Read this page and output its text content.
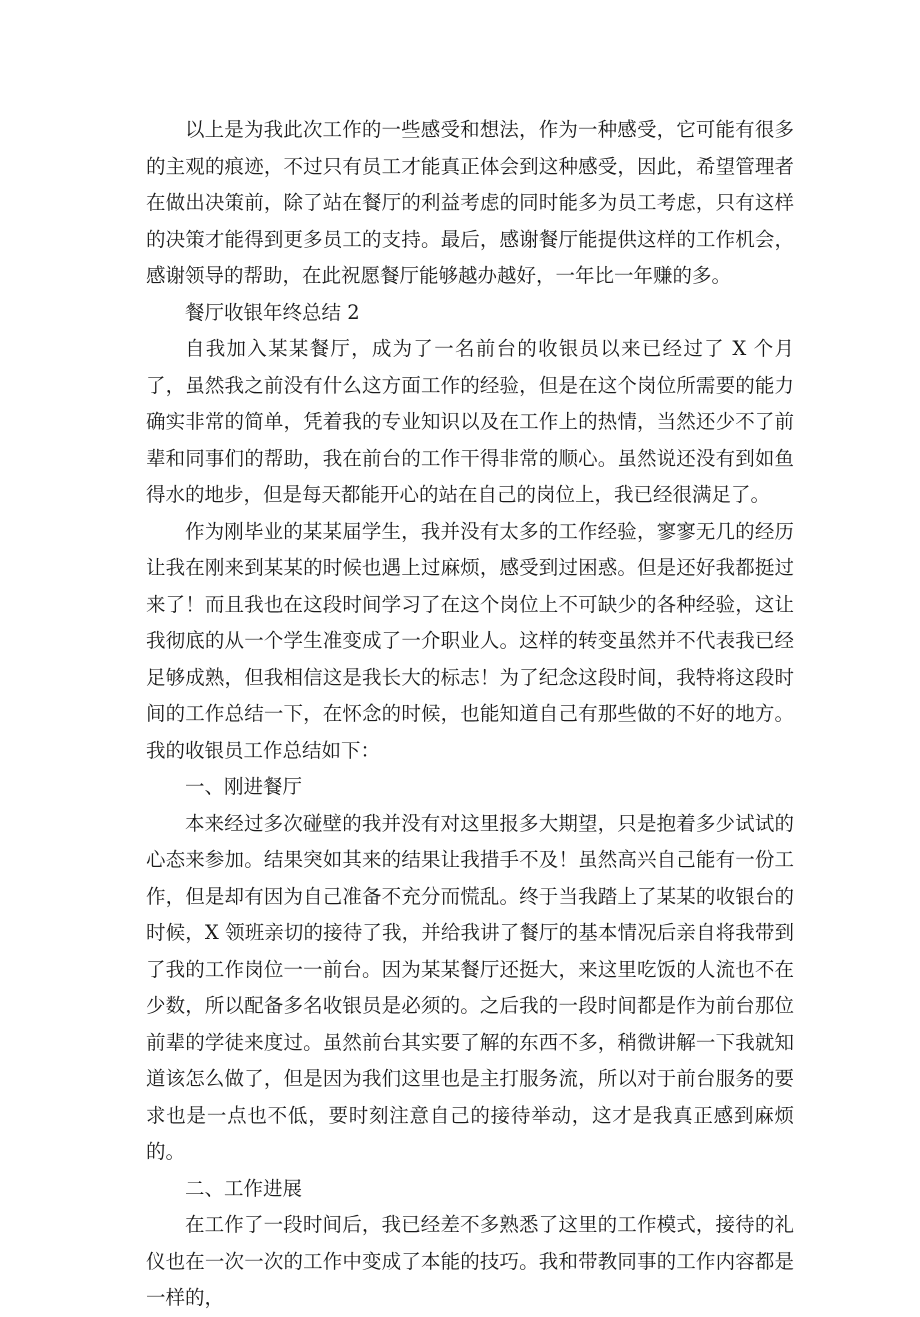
以上是为我此次工作的一些感受和想法，作为一种感受，它可能有很多的主观的痕迹，不过只有员工才能真正体会到这种感受，因此，希望管理者在做出决策前，除了站在餐厅的利益考虑的同时能多为员工考虑，只有这样的决策才能得到更多员工的支持。最后，感谢餐厅能提供这样的工作机会，感谢领导的帮助，在此祝愿餐厅能够越办越好，一年比一年赚的多。

餐厅收银年终总结 2

自我加入某某餐厅，成为了一名前台的收银员以来已经过了 X 个月了，虽然我之前没有什么这方面工作的经验，但是在这个岗位所需要的能力确实非常的简单，凭着我的专业知识以及在工作上的热情，当然还少不了前辈和同事们的帮助，我在前台的工作干得非常的顺心。虽然说还没有到如鱼得水的地步，但是每天都能开心的站在自己的岗位上，我已经很满足了。

作为刚毕业的某某届学生，我并没有太多的工作经验，寥寥无几的经历让我在刚来到某某的时候也遇上过麻烦，感受到过困惑。但是还好我都挺过来了！而且我也在这段时间学习了在这个岗位上不可缺少的各种经验，这让我彻底的从一个学生准变成了一介职业人。这样的转变虽然并不代表我已经足够成熟，但我相信这是我长大的标志！为了纪念这段时间，我特将这段时间的工作总结一下，在怀念的时候，也能知道自己有那些做的不好的地方。我的收银员工作总结如下：

一、刚进餐厅

本来经过多次碰壁的我并没有对这里报多大期望，只是抱着多少试试的心态来参加。结果突如其来的结果让我措手不及！虽然高兴自己能有一份工作，但是却有因为自己准备不充分而慌乱。终于当我踏上了某某的收银台的时候，X 领班亲切的接待了我，并给我讲了餐厅的基本情况后亲自将我带到了我的工作岗位一一前台。因为某某餐厅还挺大，来这里吃饭的人流也不在少数，所以配备多名收银员是必须的。之后我的一段时间都是作为前台那位前辈的学徒来度过。虽然前台其实要了解的东西不多，稍微讲解一下我就知道该怎么做了，但是因为我们这里也是主打服务流，所以对于前台服务的要求也是一点也不低，要时刻注意自己的接待举动，这才是我真正感到麻烦的。

二、工作进展

在工作了一段时间后，我已经差不多熟悉了这里的工作模式，接待的礼仪也在一次一次的工作中变成了本能的技巧。我和带教同事的工作内容都是一样的，
